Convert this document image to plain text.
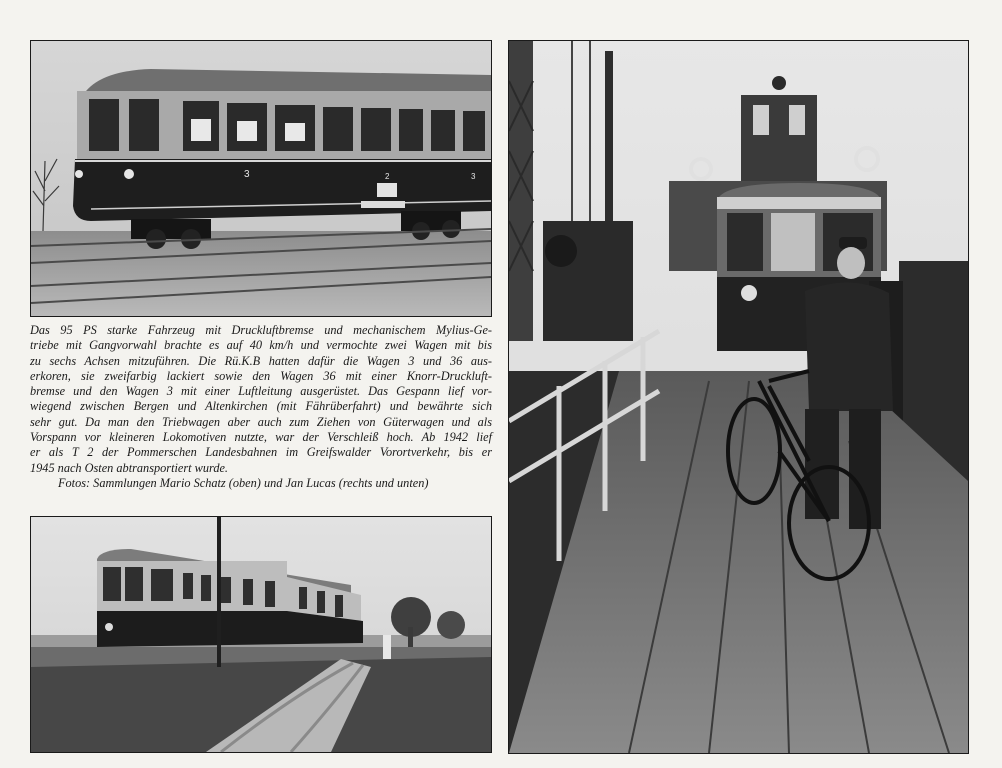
3	2	3
Das 95 PS starke Fahrzeug mit Druckluftbremse und mechanischem Mylius-Ge-
triebe mit Gangvorwahl brachte es auf 40 km/h und vermochte zwei Wagen mit bis
zu sechs Achsen mitzuführen. Die Rü.K.B hatten dafür die Wagen 3 und 36 aus-
erkoren, sie zweifarbig lackiert sowie den Wagen 36 mit einer Knorr-Druckluft-
bremse und den Wagen 3 mit einer Luftleitung ausgerüstet. Das Gespann lief vor-
wiegend zwischen Bergen und Altenkirchen (mit Fährüberfahrt) und bewährte sich
sehr gut. Da man den Triebwagen aber auch zum Ziehen von Güterwagen und als
Vorspann vor kleineren Lokomotiven nutzte, war der Verschleiß hoch. Ab 1942 lief
er als T 2 der Pommerschen Landesbahnen im Greifswalder Vorortverkehr, bis er
1945 nach Osten abtransportiert wurde.
Fotos: Sammlungen Mario Schatz (oben) und Jan Lucas (rechts und unten)
